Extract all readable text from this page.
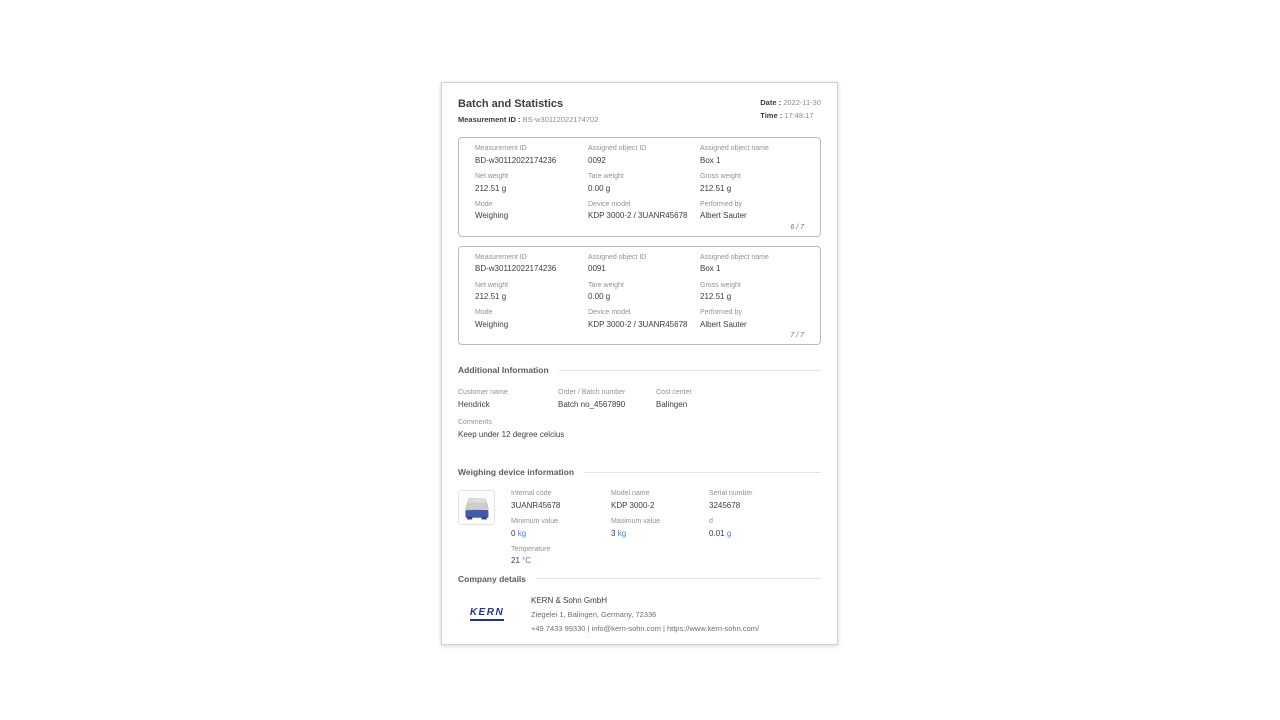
Batch and Statistics
Measurement ID : BS-w30112022174702
Date : 2022-11-30
Time : 17:48:17
Measurement ID
BD-w30112022174236
Assigned object ID
0092
Assigned object name
Box 1
Net weight
212.51 g
Tare weight
0.00 g
Gross weight
212.51 g
Mode
Weighing
Device model
KDP 3000-2 / 3UANR45678
Performed by
Albert Sauter
6 / 7
Measurement ID
BD-w30112022174236
Assigned object ID
0091
Assigned object name
Box 1
Net weight
212.51 g
Tare weight
0.00 g
Gross weight
212.51 g
Mode
Weighing
Device model
KDP 3000-2 / 3UANR45678
Performed by
Albert Sauter
7 / 7
Additional Information
Customer name
Hendrick
Order / Batch number
Batch no_4567890
Cost center
Balingen
Comments
Keep under 12 degree celcius
Weighing device information
Internal code
3UANR45678
Model name
KDP 3000-2
Serial number
3245678
Minimum value
0 kg
Maximum value
3 kg
d
0.01 g
Temperature
21 °C
Company details
KERN
KERN & Sohn GmbH
Ziegelei 1, Balingen, Germany, 72336
+49 7433 99330 | info@kern-sohn.com | https://www.kern-sohn.com/
